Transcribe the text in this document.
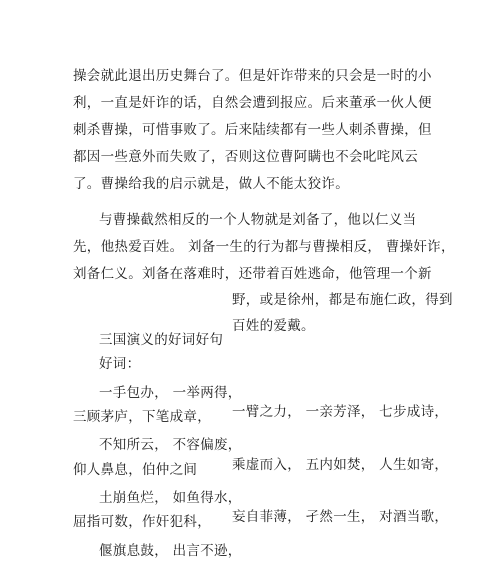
操会就此退出历史舞台了。但是奸诈带来的只会是一时的小
利，一直是奸诈的话，自然会遭到报应。后来董承一伙人便
刺杀曹操，可惜事败了。后来陆续都有一些人刺杀曹操，但
都因一些意外而失败了，否则这位曹阿瞒也不会叱咤风云
了。曹操给我的启示就是，做人不能太狡诈。
与曹操截然相反的一个人物就是刘备了，他以仁义当
先，他热爱百姓。 刘备一生的行为都与曹操相反， 曹操奸诈，
刘备仁义。刘备在落难时，还带着百姓逃命，他管理一个新
野，或是徐州，都是布施仁政，得到
百姓的爱戴。
三国演义的好词好句
好词：
一手包办， 一举两得，
三顾茅庐，下笔成章，
不知所云， 不容偏废，
仰人鼻息，伯仲之间
土崩鱼烂， 如鱼得水，
屈指可数，作奸犯科，
偃旗息鼓， 出言不逊，
一臂之力， 一亲芳泽， 七步成诗，
乘虚而入， 五内如焚， 人生如寄，
妄自菲薄， 孑然一生， 对酒当歌，
